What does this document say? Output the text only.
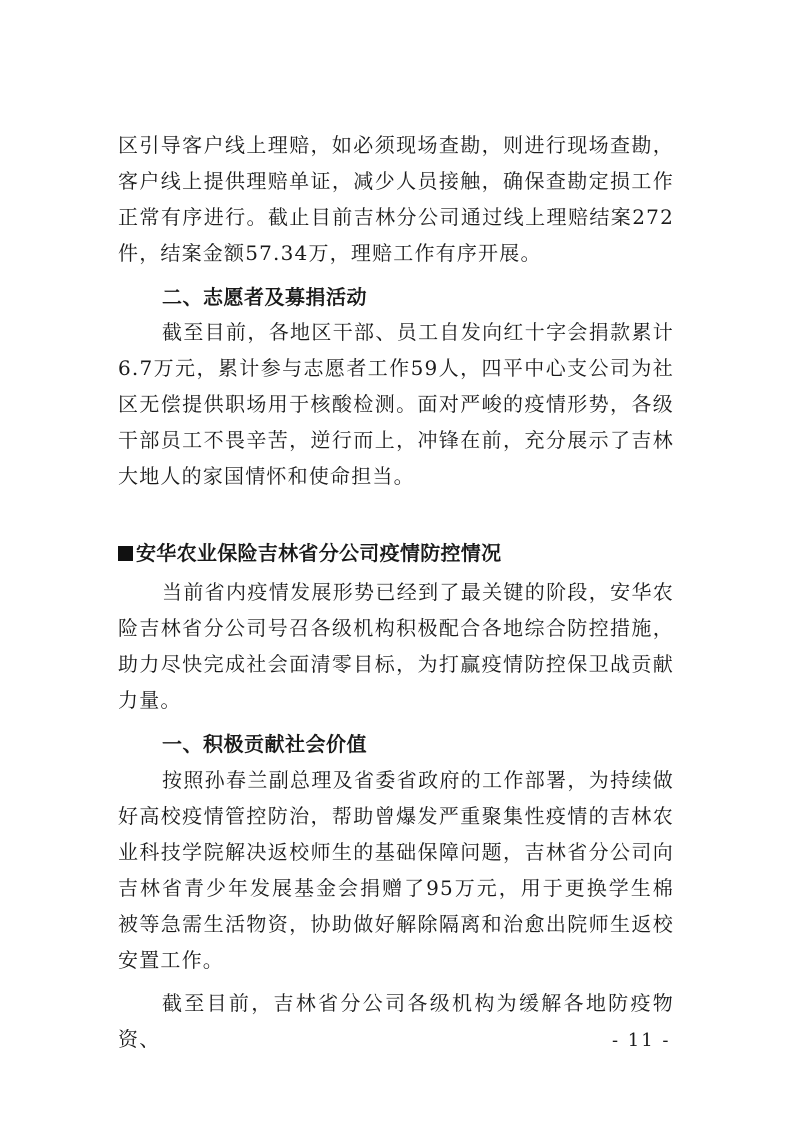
区引导客户线上理赔，如必须现场查勘，则进行现场查勘，客户线上提供理赔单证，减少人员接触，确保查勘定损工作正常有序进行。截止目前吉林分公司通过线上理赔结案272件，结案金额57.34万，理赔工作有序开展。

二、志愿者及募捐活动

截至目前，各地区干部、员工自发向红十字会捐款累计6.7万元，累计参与志愿者工作59人，四平中心支公司为社区无偿提供职场用于核酸检测。面对严峻的疫情形势，各级干部员工不畏辛苦，逆行而上，冲锋在前，充分展示了吉林大地人的家国情怀和使命担当。

安华农业保险吉林省分公司疫情防控情况

当前省内疫情发展形势已经到了最关键的阶段，安华农险吉林省分公司号召各级机构积极配合各地综合防控措施，助力尽快完成社会面清零目标，为打赢疫情防控保卫战贡献力量。

一、积极贡献社会价值

按照孙春兰副总理及省委省政府的工作部署，为持续做好高校疫情管控防治，帮助曾爆发严重聚集性疫情的吉林农业科技学院解决返校师生的基础保障问题，吉林省分公司向吉林省青少年发展基金会捐赠了95万元，用于更换学生棉被等急需生活物资，协助做好解除隔离和治愈出院师生返校安置工作。

截至目前，吉林省分公司各级机构为缓解各地防疫物资、	- 11 -
